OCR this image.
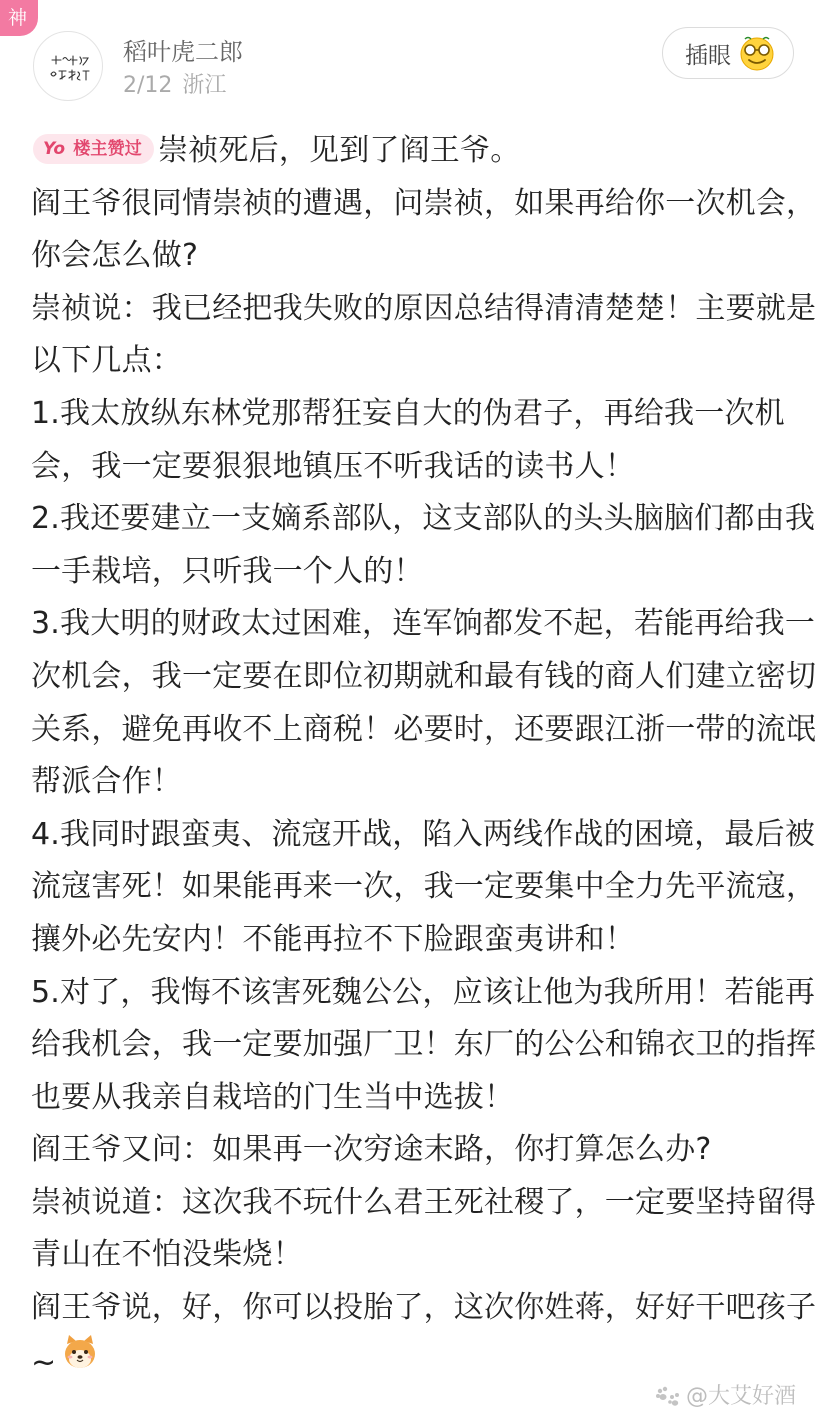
神
稻叶虎二郎
2/12 浙江
插眼

Yo 楼主赞过 崇祯死后，见到了阎王爷。

阎王爷很同情崇祯的遭遇，问崇祯，如果再给你一次机会，你会怎么做?

崇祯说：我已经把我失败的原因总结得清清楚楚！主要就是以下几点：

1.我太放纵东林党那帮狂妄自大的伪君子，再给我一次机会，我一定要狠狠地镇压不听我话的读书人！

2.我还要建立一支嫡系部队，这支部队的头头脑脑们都由我一手栽培，只听我一个人的！

3.我大明的财政太过困难，连军饷都发不起，若能再给我一次机会，我一定要在即位初期就和最有钱的商人们建立密切关系，避免再收不上商税！必要时，还要跟江浙一带的流氓帮派合作！

4.我同时跟蛮夷、流寇开战，陷入两线作战的困境，最后被流寇害死！如果能再来一次，我一定要集中全力先平流寇，攘外必先安内！不能再拉不下脸跟蛮夷讲和！

5.对了，我悔不该害死魏公公，应该让他为我所用！若能再给我机会，我一定要加强厂卫！东厂的公公和锦衣卫的指挥也要从我亲自栽培的门生当中选拔！

阎王爷又问：如果再一次穷途末路，你打算怎么办?

崇祯说道：这次我不玩什么君王死社稷了，一定要坚持留得青山在不怕没柴烧！

阎王爷说，好，你可以投胎了，这次你姓蒋，好好干吧孩子~

@大艾好酒
